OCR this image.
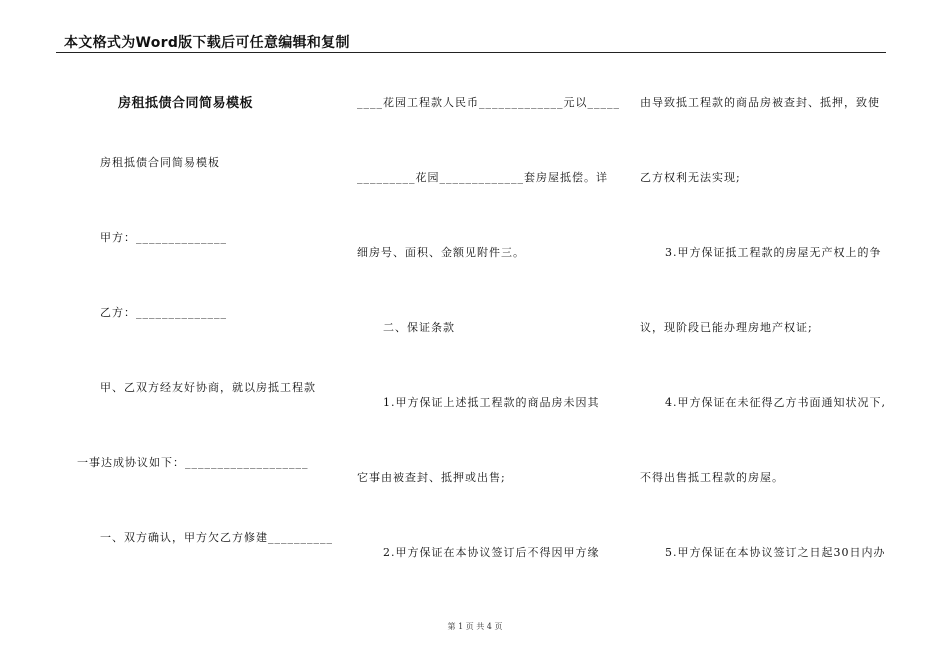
本文格式为Word版下载后可任意编辑和复制
房租抵债合同简易模板
房租抵债合同简易模板
甲方：______________
乙方：______________
甲、乙双方经友好协商，就以房抵工程款
一事达成协议如下：___________________
一、双方确认，甲方欠乙方修建__________
____花园工程款人民币_____________元以_____
_________花园_____________套房屋抵偿。详
细房号、面积、金额见附件三。
二、保证条款
1.甲方保证上述抵工程款的商品房未因其
它事由被查封、抵押或出售;
2.甲方保证在本协议签订后不得因甲方缘
由导致抵工程款的商品房被查封、抵押，致使
乙方权利无法实现;
3.甲方保证抵工程款的房屋无产权上的争
议，现阶段已能办理房地产权证;
4.甲方保证在未征得乙方书面通知状况下,
不得出售抵工程款的房屋。
5.甲方保证在本协议签订之日起30日内办
第 1 页 共 4 页
